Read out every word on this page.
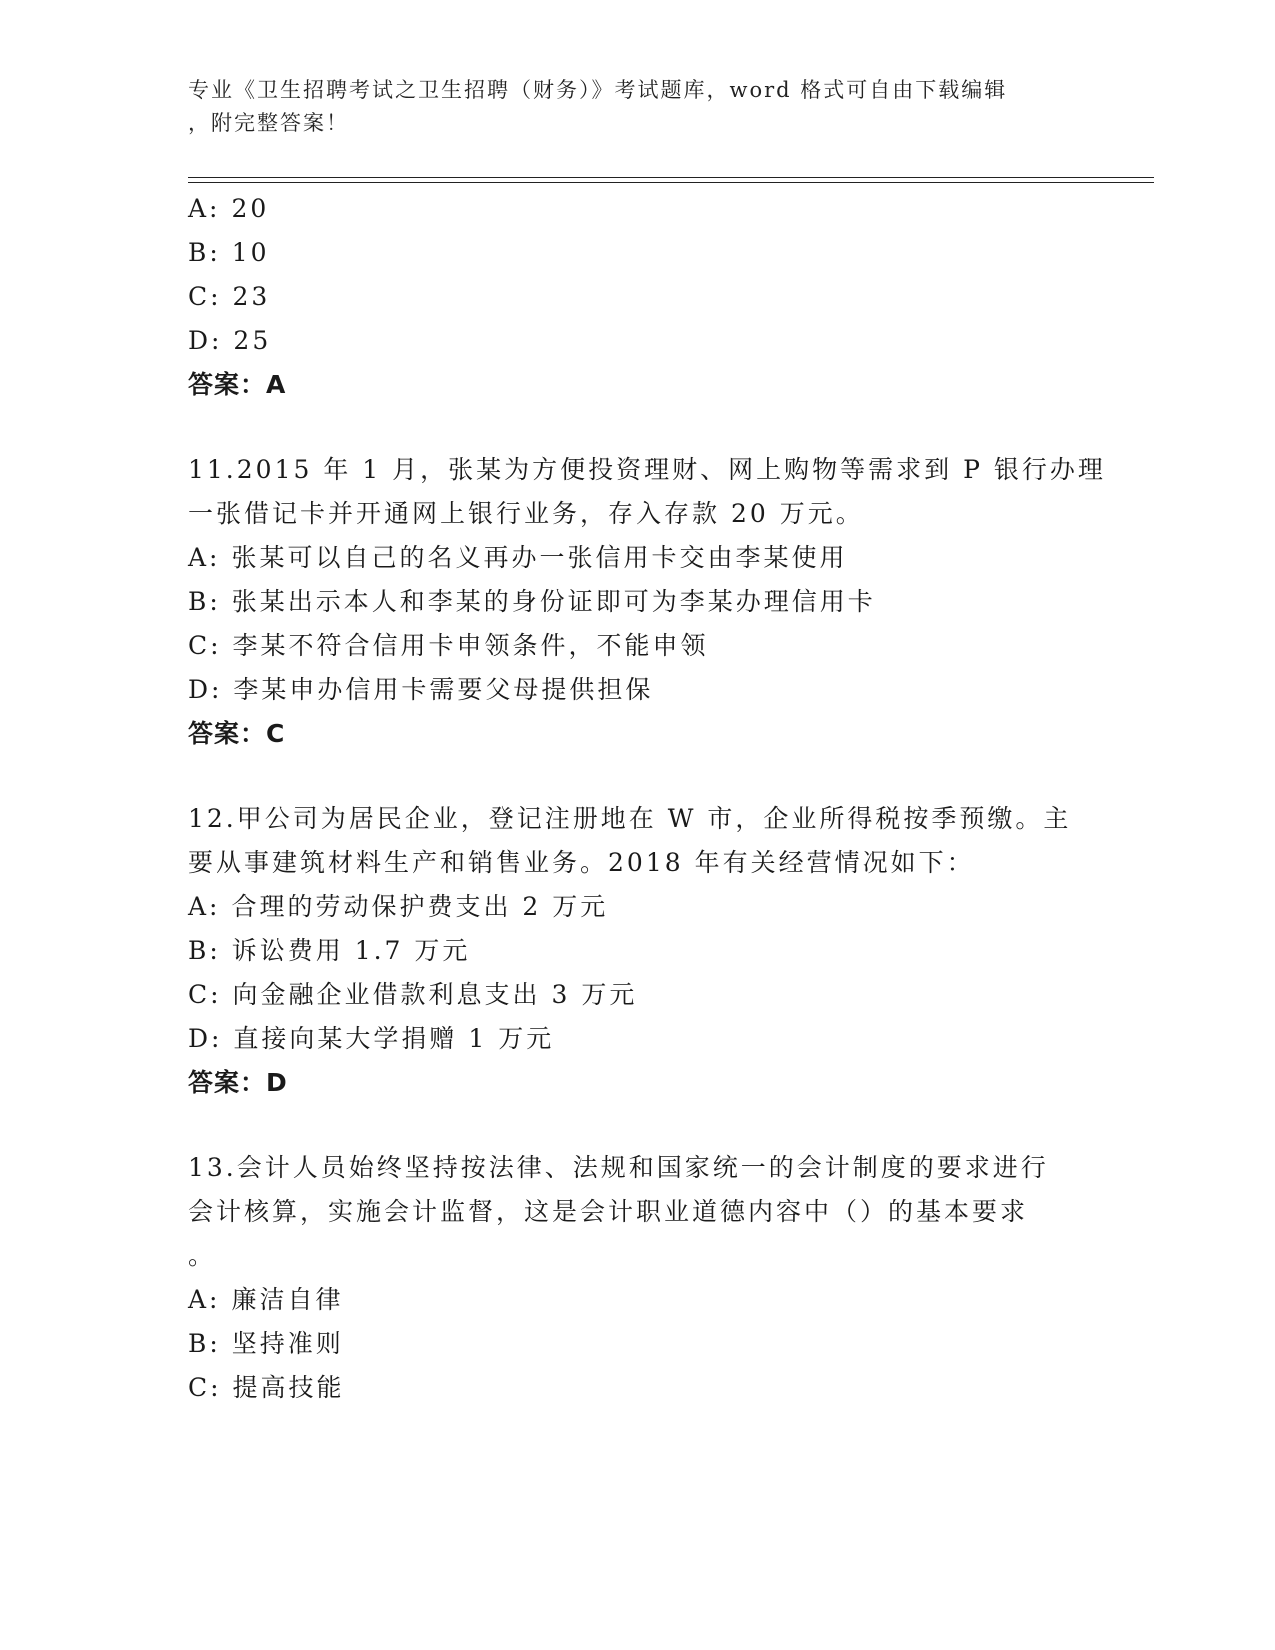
专业《卫生招聘考试之卫生招聘（财务）》考试题库，word 格式可自由下载编辑
，附完整答案！
A: 20
B: 10
C: 23
D: 25
答案：A
11.2015 年 1 月，张某为方便投资理财、网上购物等需求到 P 银行办理
一张借记卡并开通网上银行业务，存入存款 20 万元。
A: 张某可以自己的名义再办一张信用卡交由李某使用
B: 张某出示本人和李某的身份证即可为李某办理信用卡
C: 李某不符合信用卡申领条件，不能申领
D: 李某申办信用卡需要父母提供担保
答案：C
12.甲公司为居民企业，登记注册地在 W 市，企业所得税按季预缴。主
要从事建筑材料生产和销售业务。2018 年有关经营情况如下：
A: 合理的劳动保护费支出 2 万元
B: 诉讼费用 1.7 万元
C: 向金融企业借款利息支出 3 万元
D: 直接向某大学捐赠 1 万元
答案：D
13.会计人员始终坚持按法律、法规和国家统一的会计制度的要求进行
会计核算，实施会计监督，这是会计职业道德内容中（）的基本要求
。
A: 廉洁自律
B: 坚持准则
C: 提高技能
